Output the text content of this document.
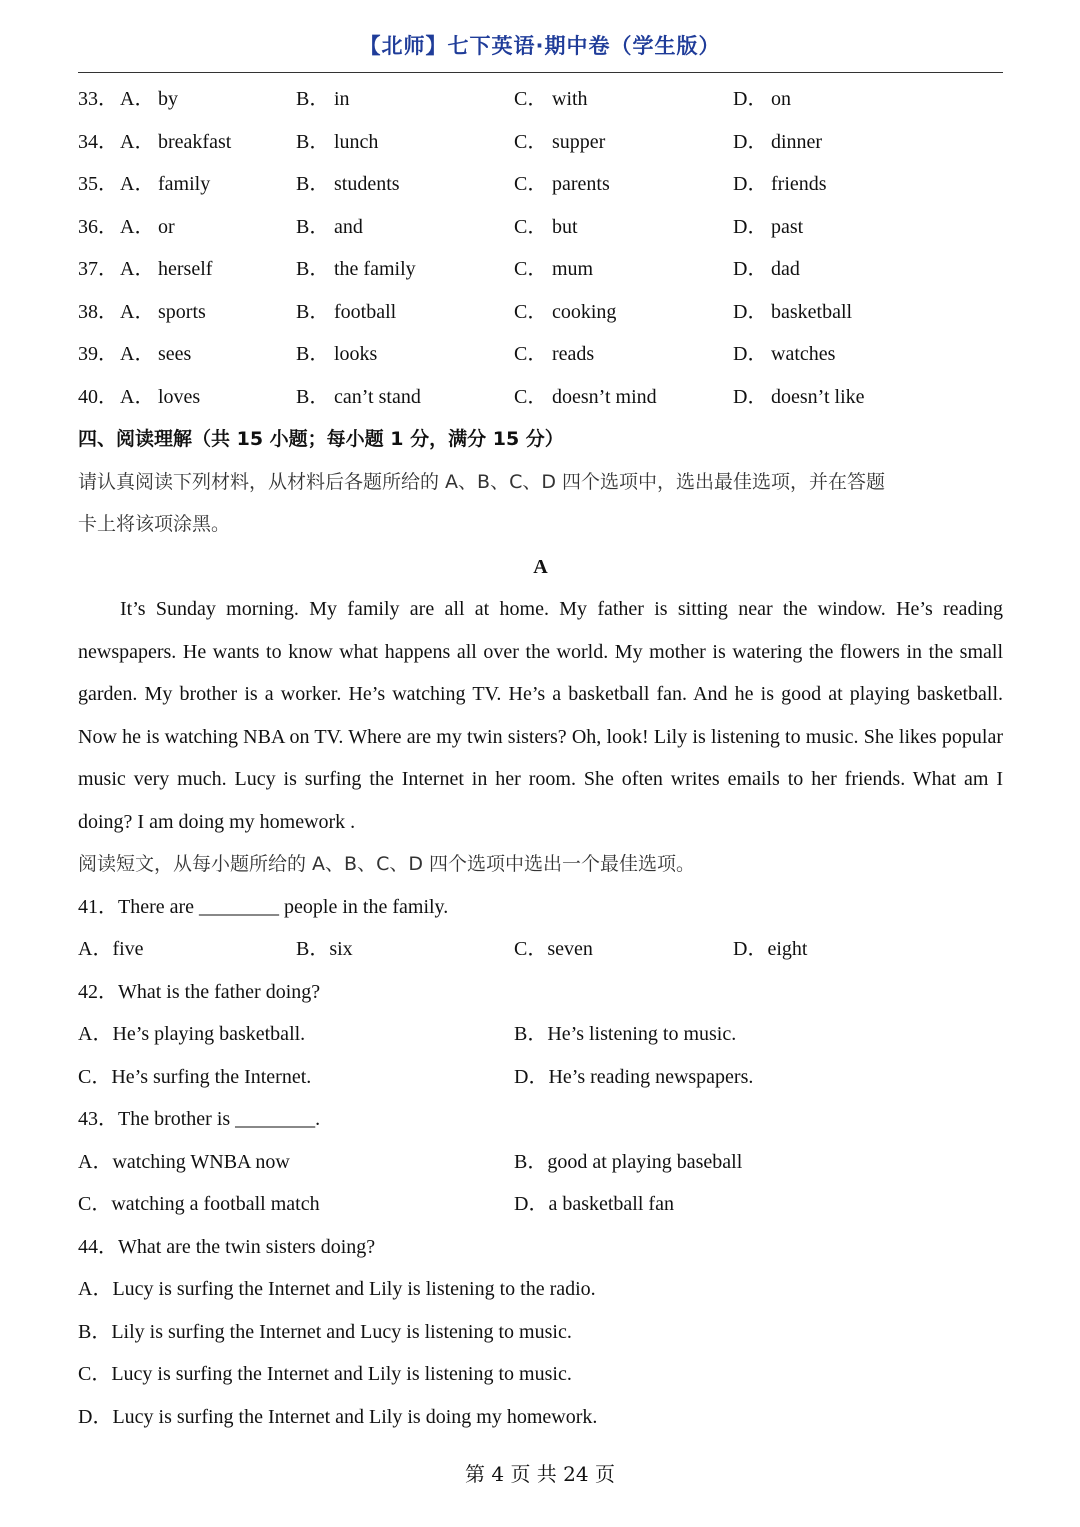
【北师】七下英语·期中卷（学生版）
33． A． by	B． in	C． with	D． on
34． A． breakfast	B． lunch	C． supper	D． dinner
35． A． family	B． students	C． parents	D． friends
36． A． or	B． and	C． but	D． past
37． A． herself	B． the family	C． mum	D． dad
38． A． sports	B． football	C． cooking	D． basketball
39． A． sees	B． looks	C． reads	D． watches
40． A． loves	B． can’t stand	C． doesn’t mind	D． doesn’t like
四、阅读理解（共 15 小题；每小题 1 分，满分 15 分）
请认真阅读下列材料，从材料后各题所给的 A、B、C、D 四个选项中，选出最佳选项，并在答题
卡上将该项涂黑。
A

It’s Sunday morning. My family are all at home. My father is sitting near the window. He’s reading newspapers. He wants to know what happens all over the world. My mother is watering the flowers in the small garden. My brother is a worker. He’s watching TV. He’s a basketball fan. And he is good at playing basketball. Now he is watching NBA on TV. Where are my twin sisters? Oh, look! Lily is listening to music. She likes popular music very much. Lucy is surfing the Internet in her room. She often writes emails to her friends. What am I doing? I am doing my homework .

阅读短文，从每小题所给的 A、B、C、D 四个选项中选出一个最佳选项。
41．There are ________ people in the family.
A．five	B．six	C．seven	D．eight
42．What is the father doing?
A．He’s playing basketball.	B．He’s listening to music.
C．He’s surfing the Internet.	D．He’s reading newspapers.
43．The brother is ________.
A．watching WNBA now	B．good at playing baseball
C．watching a football match	D．a basketball fan
44．What are the twin sisters doing?
A．Lucy is surfing the Internet and Lily is listening to the radio.
B．Lily is surfing the Internet and Lucy is listening to music.
C．Lucy is surfing the Internet and Lily is listening to music.
D．Lucy is surfing the Internet and Lily is doing my homework.
第 4 页 共 24 页
